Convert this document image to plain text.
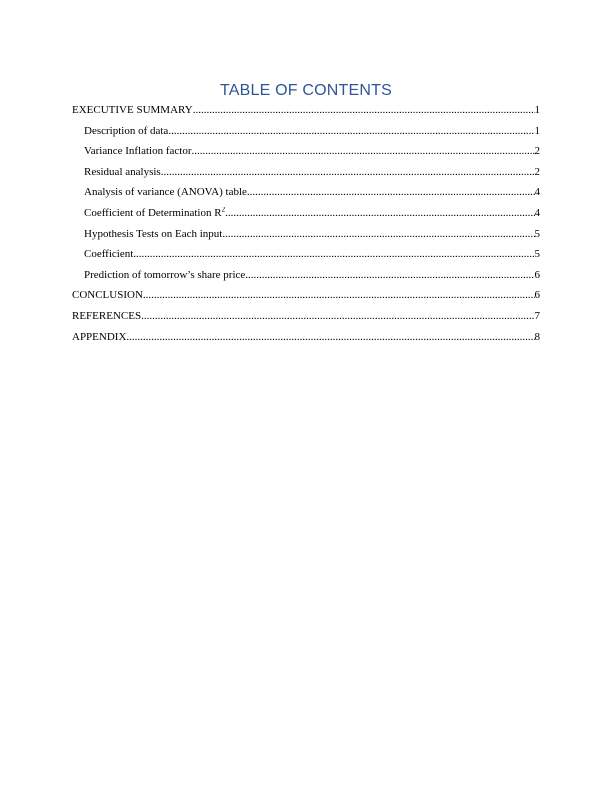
TABLE OF CONTENTS
EXECUTIVE SUMMARY .....	1
Description of data .....	1
Variance Inflation factor .....	2
Residual analysis .....	2
Analysis of variance (ANOVA) table .....	4
Coefficient of Determination $R^2$ .....	4
Hypothesis Tests on Each input .....	5
Coefficient .....	5
Prediction of tomorrow’s share price .....	6
CONCLUSION .....	6
REFERENCES .....	7
APPENDIX .....	8
